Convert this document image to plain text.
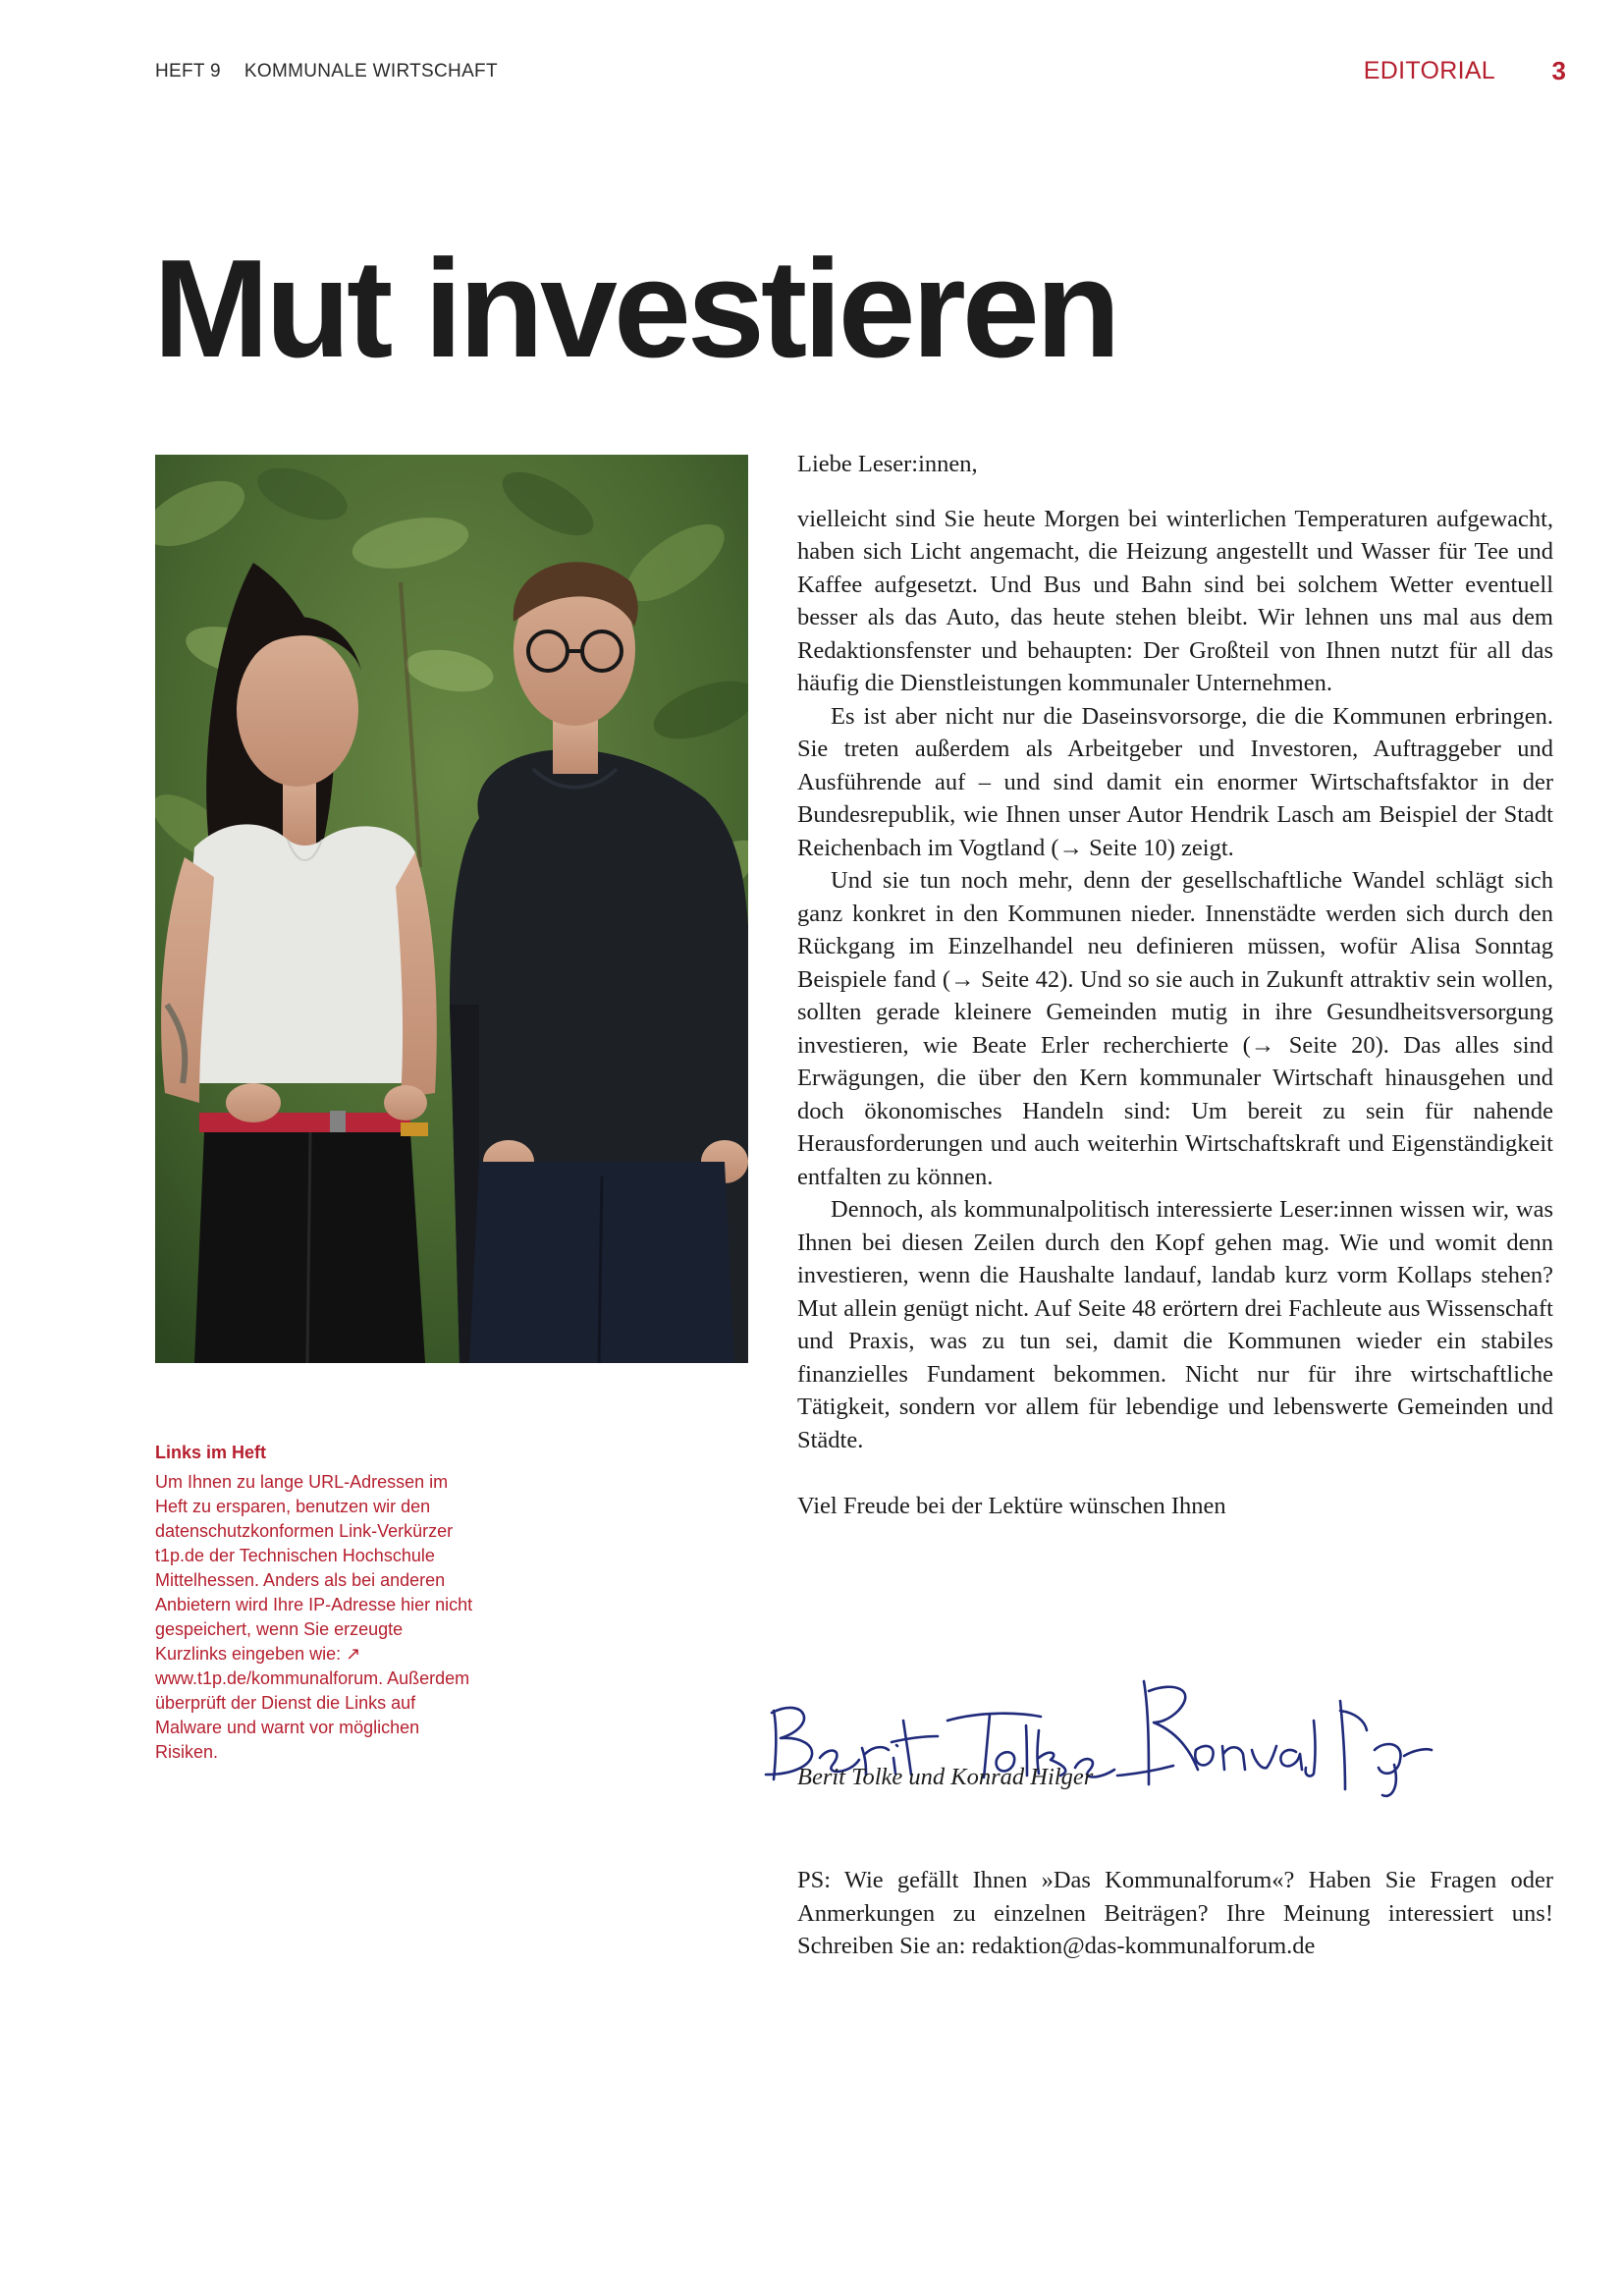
HEFT 9 KOMMUNALE WIRTSCHAFT	EDITORIAL 3
Mut investieren

Links im Heft

Um Ihnen zu lange URL-Adressen im Heft zu ersparen, benutzen wir den datenschutzkonformen Link-Verkürzer t1p.de der Technischen Hochschule Mittelhessen. Anders als bei anderen Anbietern wird Ihre IP-Adresse hier nicht gespeichert, wenn Sie erzeugte Kurzlinks eingeben wie: ↗ www.t1p.de/kommunalforum. Außerdem überprüft der Dienst die Links auf Malware und warnt vor möglichen Risiken.

Liebe Leser:innen,

vielleicht sind Sie heute Morgen bei winterlichen Temperaturen aufgewacht, haben sich Licht angemacht, die Heizung angestellt und Wasser für Tee und Kaffee aufgesetzt. Und Bus und Bahn sind bei solchem Wetter eventuell besser als das Auto, das heute stehen bleibt. Wir lehnen uns mal aus dem Redaktionsfenster und behaupten: Der Großteil von Ihnen nutzt für all das häufig die Dienstleistungen kommunaler Unternehmen.

Es ist aber nicht nur die Daseinsvorsorge, die die Kommunen erbringen. Sie treten außerdem als Arbeitgeber und Investoren, Auftraggeber und Ausführende auf – und sind damit ein enormer Wirtschaftsfaktor in der Bundesrepublik, wie Ihnen unser Autor Hendrik Lasch am Beispiel der Stadt Reichenbach im Vogtland (→ Seite 10) zeigt.

Und sie tun noch mehr, denn der gesellschaftliche Wandel schlägt sich ganz konkret in den Kommunen nieder. Innenstädte werden sich durch den Rückgang im Einzelhandel neu definieren müssen, wofür Alisa Sonntag Beispiele fand (→ Seite 42). Und so sie auch in Zukunft attraktiv sein wollen, sollten gerade kleinere Gemeinden mutig in ihre Gesundheitsversorgung investieren, wie Beate Erler recherchierte (→ Seite 20). Das alles sind Erwägungen, die über den Kern kommunaler Wirtschaft hinausgehen und doch ökonomisches Handeln sind: Um bereit zu sein für nahende Herausforderungen und auch weiterhin Wirtschaftskraft und Eigenständigkeit entfalten zu können.

Dennoch, als kommunalpolitisch interessierte Leser:innen wissen wir, was Ihnen bei diesen Zeilen durch den Kopf gehen mag. Wie und womit denn investieren, wenn die Haushalte landauf, landab kurz vorm Kollaps stehen? Mut allein genügt nicht. Auf Seite 48 erörtern drei Fachleute aus Wissenschaft und Praxis, was zu tun sei, damit die Kommunen wieder ein stabiles finanzielles Fundament bekommen. Nicht nur für ihre wirtschaftliche Tätigkeit, sondern vor allem für lebendige und lebenswerte Gemeinden und Städte.

Viel Freude bei der Lektüre wünschen Ihnen

Berit Tolke und Konrad Hilger

PS: Wie gefällt Ihnen »Das Kommunalforum«? Haben Sie Fragen oder Anmerkungen zu einzelnen Beiträgen? Ihre Meinung interessiert uns! Schreiben Sie an: redaktion@das-kommunalforum.de
